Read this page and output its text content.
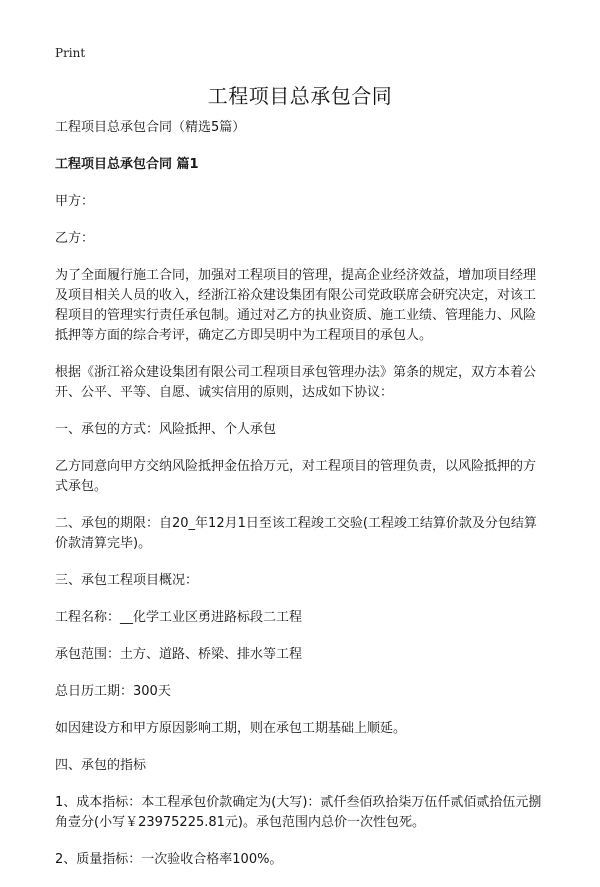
Print
工程项目总承包合同

工程项目总承包合同（精选5篇）

工程项目总承包合同 篇1

甲方：

乙方：

为了全面履行施工合同，加强对工程项目的管理，提高企业经济效益，增加项目经理及项目相关人员的收入，经浙江裕众建设集团有限公司党政联席会研究决定，对该工程项目的管理实行责任承包制。通过对乙方的执业资质、施工业绩、管理能力、风险抵押等方面的综合考评，确定乙方即吴明中为工程项目的承包人。

根据《浙江裕众建设集团有限公司工程项目承包管理办法》第条的规定，双方本着公开、公平、平等、自愿、诚实信用的原则，达成如下协议：

一、承包的方式：风险抵押、个人承包

乙方同意向甲方交纳风险抵押金伍拾万元，对工程项目的管理负责，以风险抵押的方式承包。

二、承包的期限：自20_年12月1日至该工程竣工交验(工程竣工结算价款及分包结算价款清算完毕)。

三、承包工程项目概况：

工程名称：__化学工业区勇进路标段二工程

承包范围：土方、道路、桥梁、排水等工程

总日历工期：300天

如因建设方和甲方原因影响工期，则在承包工期基础上顺延。

四、承包的指标

1、成本指标：本工程承包价款确定为(大写)：贰仟叁佰玖拾柒万伍仟贰佰贰拾伍元捌角壹分(小写￥23975225.81元)。承包范围内总价一次性包死。

2、质量指标：一次验收合格率100%。
